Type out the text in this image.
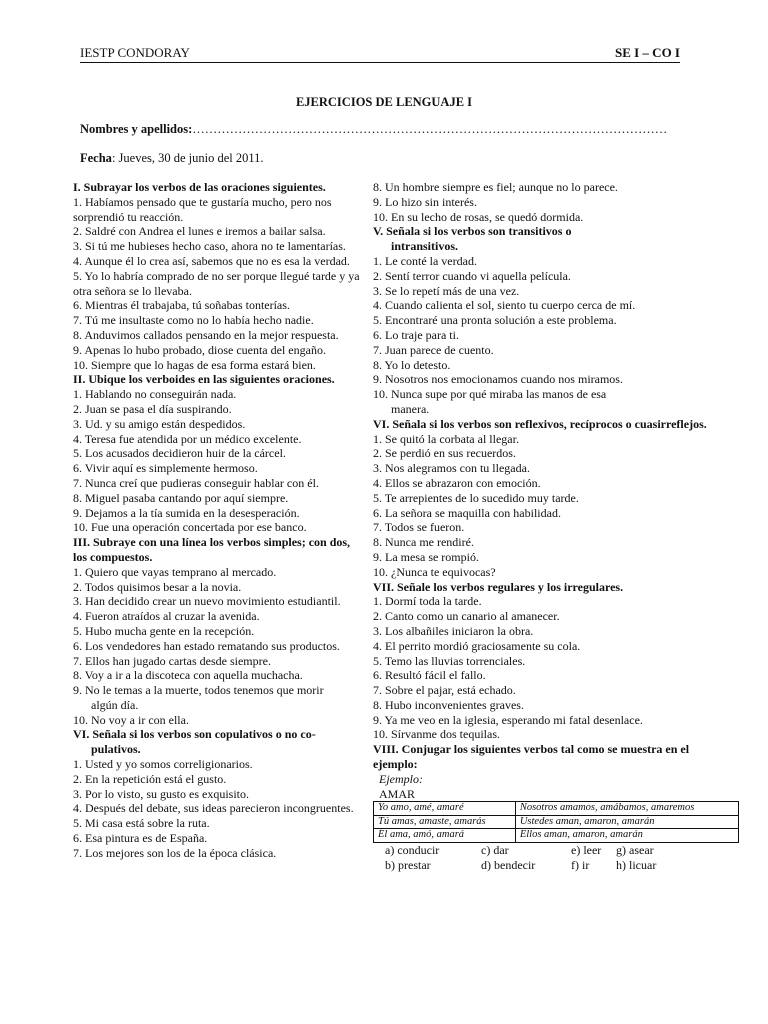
IESTP CONDORAY	SE I – CO I
EJERCICIOS DE LENGUAJE I
Nombres y apellidos:……………………………………………………………………………………………………
Fecha: Jueves, 30 de junio del 2011.
I. Subrayar los verbos de las oraciones siguientes.
1. Habíamos pensado que te gustaría mucho, pero nos sorprendió tu reacción.
2. Saldré con Andrea el lunes e iremos a bailar salsa.
3. Si tú me hubieses hecho caso, ahora no te lamentarías.
4. Aunque él lo crea así, sabemos que no es esa la verdad.
5. Yo lo habría comprado de no ser porque llegué tarde y ya otra señora se lo llevaba.
6. Mientras él trabajaba, tú soñabas tonterías.
7. Tú me insultaste como no lo había hecho nadie.
8. Anduvimos callados pensando en la mejor respuesta.
9. Apenas lo hubo probado, diose cuenta del engaño.
10. Siempre que lo hagas de esa forma estará bien.
II. Ubique los verboides en las siguientes oraciones.
1. Hablando no conseguirán nada.
2. Juan se pasa el día suspirando.
3. Ud. y su amigo están despedidos.
4. Teresa fue atendida por un médico excelente.
5. Los acusados decidieron huir de la cárcel.
6. Vivir aquí es simplemente hermoso.
7. Nunca creí que pudieras conseguir hablar con él.
8. Miguel pasaba cantando por aquí siempre.
9. Dejamos a la tía sumida en la desesperación.
10. Fue una operación concertada por ese banco.
III. Subraye con una línea los verbos simples; con dos, los compuestos.
1. Quiero que vayas temprano al mercado.
2. Todos quisimos besar a la novia.
3. Han decidido crear un nuevo movimiento estudiantil.
4. Fueron atraídos al cruzar la avenida.
5. Hubo mucha gente en la recepción.
6. Los vendedores han estado rematando sus productos.
7. Ellos han jugado cartas desde siempre.
8. Voy a ir a la discoteca con aquella muchacha.
9. No le temas a la muerte, todos tenemos que morir
algún día.
10. No voy a ir con ella.
VI. Señala si los verbos son copulativos o no co-
pulativos.
1. Usted y yo somos correligionarios.
2. En la repetición está el gusto.
3. Por lo visto, su gusto es exquisito.
4. Después del debate, sus ideas parecieron incongruentes.
5. Mi casa está sobre la ruta.
6. Esa pintura es de España.
7. Los mejores son los de la época clásica.
8. Un hombre siempre es fiel; aunque no lo parece.
9. Lo hizo sin interés.
10. En su lecho de rosas, se quedó dormida.
V. Señala si los verbos son transitivos o
intransitivos.
1. Le conté la verdad.
2. Sentí terror cuando vi aquella película.
3. Se lo repetí más de una vez.
4. Cuando calienta el sol, siento tu cuerpo cerca de mí.
5. Encontraré una pronta solución a este problema.
6. Lo traje para ti.
7. Juan parece de cuento.
8. Yo lo detesto.
9. Nosotros nos emocionamos cuando nos miramos.
10. Nunca supe por qué miraba las manos de esa
manera.
VI. Señala si los verbos son reflexivos, recíprocos o cuasirreflejos.
1. Se quitó la corbata al llegar.
2. Se perdió en sus recuerdos.
3. Nos alegramos con tu llegada.
4. Ellos se abrazaron con emoción.
5. Te arrepientes de lo sucedido muy tarde.
6. La señora se maquilla con habilidad.
7. Todos se fueron.
8. Nunca me rendiré.
9. La mesa se rompió.
10. ¿Nunca te equivocas?
VII. Señale los verbos regulares y los irregulares.
1. Dormí toda la tarde.
2. Canto como un canario al amanecer.
3. Los albañiles iniciaron la obra.
4. El perrito mordió graciosamente su cola.
5. Temo las lluvias torrenciales.
6. Resultó fácil el fallo.
7. Sobre el pajar, está echado.
8. Hubo inconvenientes graves.
9. Ya me veo en la iglesia, esperando mi fatal desenlace.
10. Sírvanme dos tequilas.
VIII. Conjugar los siguientes verbos tal como se muestra en el ejemplo:
Ejemplo:
AMAR
Yo amo, amé, amaré	Nosotros amamos, amábamos, amaremos
Tú amas, amaste, amarás	Ustedes aman, amaron, amarán
Él ama, amó, amará	Ellos aman, amaron, amarán
a) conducir	c) dar	e) leer	g) asear
b) prestar	d) bendecir	f) ir	h) licuar
